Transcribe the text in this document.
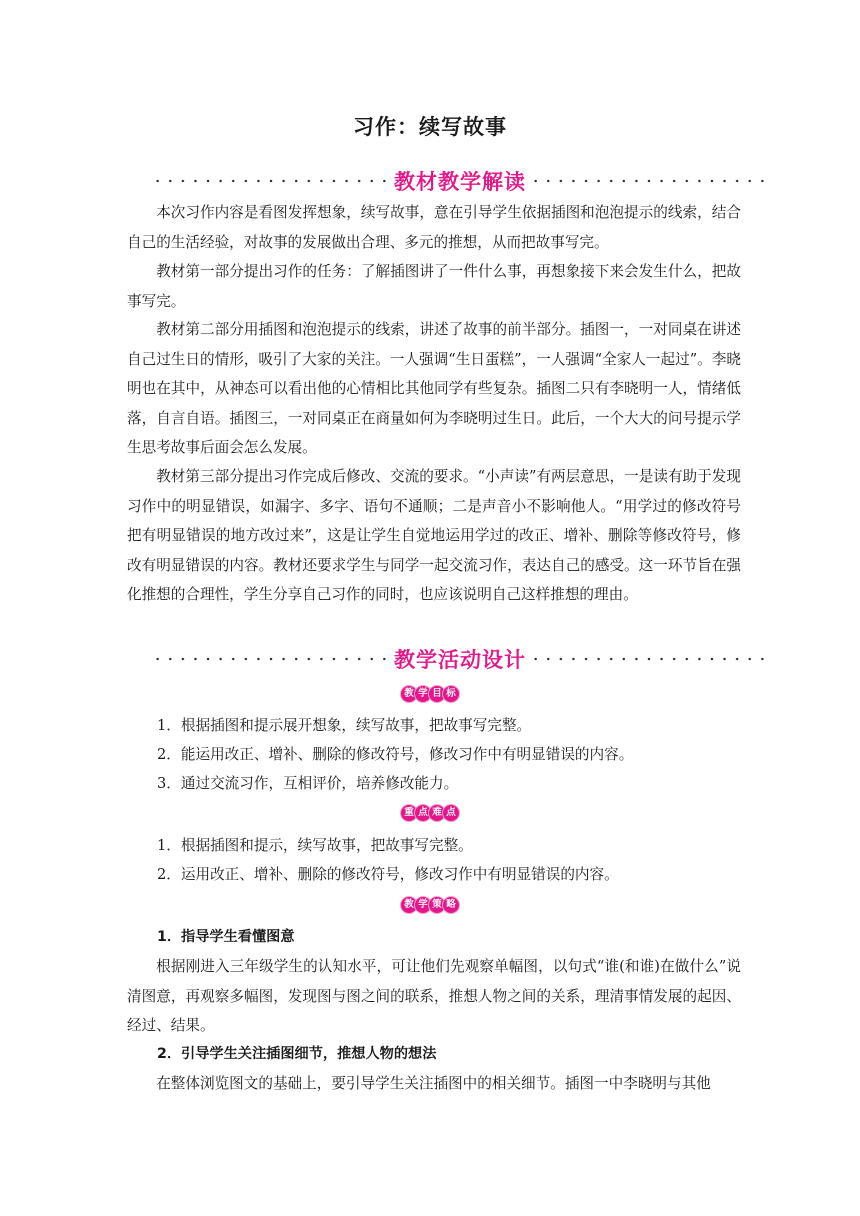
习作：续写故事
教材教学解读

本次习作内容是看图发挥想象，续写故事，意在引导学生依据插图和泡泡提示的线索，结合自己的生活经验，对故事的发展做出合理、多元的推想，从而把故事写完。

教材第一部分提出习作的任务：了解插图讲了一件什么事，再想象接下来会发生什么，把故事写完。

教材第二部分用插图和泡泡提示的线索，讲述了故事的前半部分。插图一，一对同桌在讲述自己过生日的情形，吸引了大家的关注。一人强调“生日蛋糕”，一人强调“全家人一起过”。李晓明也在其中，从神态可以看出他的心情相比其他同学有些复杂。插图二只有李晓明一人，情绪低落，自言自语。插图三，一对同桌正在商量如何为李晓明过生日。此后，一个大大的问号提示学生思考故事后面会怎么发展。

教材第三部分提出习作完成后修改、交流的要求。“小声读”有两层意思，一是读有助于发现习作中的明显错误，如漏字、多字、语句不通顺；二是声音小不影响他人。“用学过的修改符号把有明显错误的地方改过来”，这是让学生自觉地运用学过的改正、增补、删除等修改符号，修改有明显错误的内容。教材还要求学生与同学一起交流习作，表达自己的感受。这一环节旨在强化推想的合理性，学生分享自己习作的同时，也应该说明自己这样推想的理由。

教学活动设计
教 学 目 标

1．根据插图和提示展开想象，续写故事，把故事写完整。

2．能运用改正、增补、删除的修改符号，修改习作中有明显错误的内容。

3．通过交流习作，互相评价，培养修改能力。

重 点 难 点

1．根据插图和提示，续写故事，把故事写完整。

2．运用改正、增补、删除的修改符号，修改习作中有明显错误的内容。

教 学 策 略

1．指导学生看懂图意

根据刚进入三年级学生的认知水平，可让他们先观察单幅图，以句式“谁(和谁)在做什么”说清图意，再观察多幅图，发现图与图之间的联系，推想人物之间的关系，理清事情发展的起因、经过、结果。

2．引导学生关注插图细节，推想人物的想法

在整体浏览图文的基础上，要引导学生关注插图中的相关细节。插图一中李晓明与其他
